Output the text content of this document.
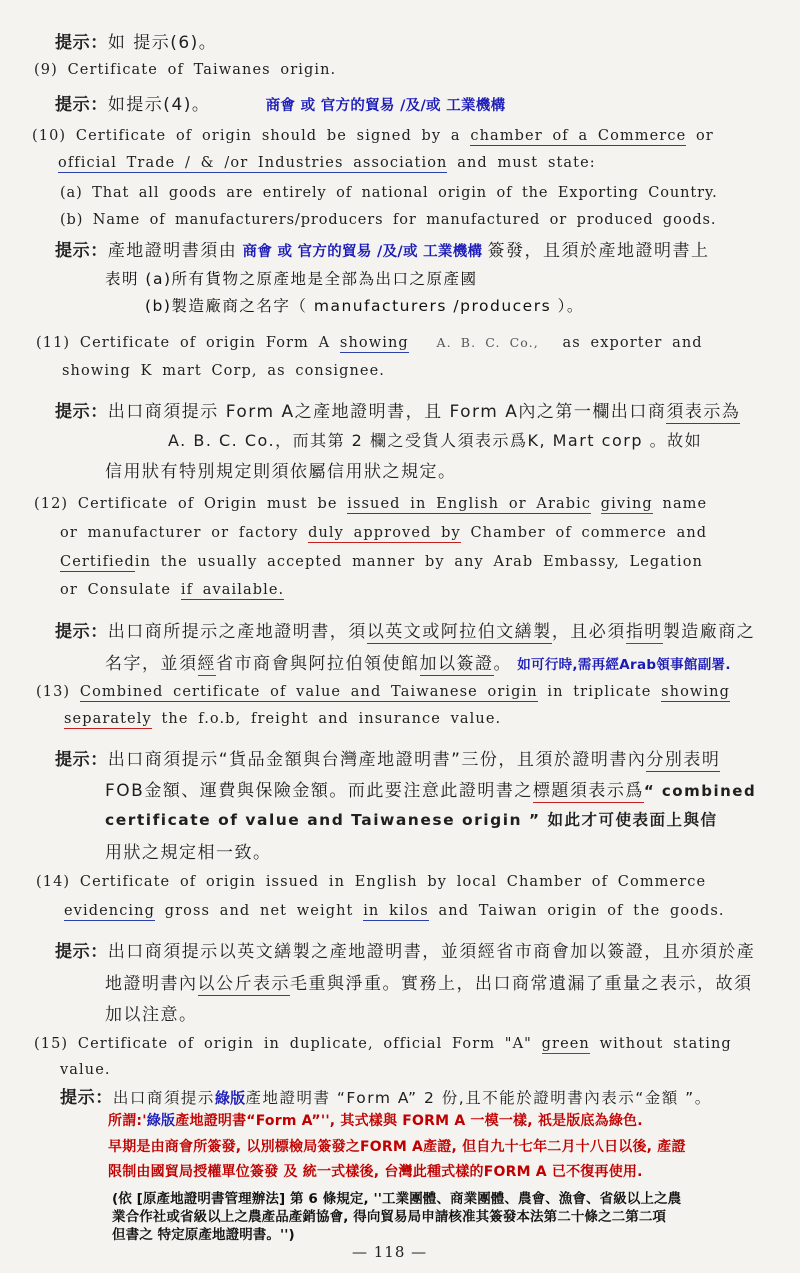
提示：如 提示(6)。
(9) Certificate of Taiwanes origin.
提示：如提示(4)。	商會 或 官方的貿易 /及/或 工業機構
(10) Certificate of origin should be signed by a chamber of a Commerce or
official Trade / & /or Industries association and must state:
(a) That all goods are entirely of national origin of the Exporting Country.
(b) Name of manufacturers/producers for manufactured or produced goods.
提示：產地證明書須由 商會 或 官方的貿易 /及/或 工業機構 簽發，且須於產地證明書上
表明 (a)所有貨物之原產地是全部為出口之原產國
(b)製造廠商之名字（ manufacturers /producers ）。
(11) Certificate of origin Form A showing A. B. C. Co., as exporter and
showing K mart Corp, as consignee.
提示：出口商須提示 Form A之產地證明書，且 Form A內之第一欄出口商須表示為
A. B. C. Co.，而其第 2 欄之受貨人須表示爲K, Mart corp 。故如
信用狀有特別規定則須依屬信用狀之規定。
(12) Certificate of Origin must be issued in English or Arabic giving name
or manufacturer or factory duly approved by Chamber of commerce and
Certifiedin the usually accepted manner by any Arab Embassy, Legation
or Consulate if available.
提示：出口商所提示之產地證明書，須以英文或阿拉伯文繕製，且必須指明製造廠商之
名字，並須經省市商會與阿拉伯領使館加以簽證。 如可行時,需再經Arab領事館副署.
(13) Combined certificate of value and Taiwanese origin in triplicate showing
separately the f.o.b, freight and insurance value.
提示：出口商須提示“貨品金額與台灣產地證明書”三份，且須於證明書內分別表明
FOB金額、運費與保險金額。而此要注意此證明書之標題須表示爲“ combined
certificate of value and Taiwanese origin ” 如此才可使表面上與信
用狀之規定相一致。
(14) Certificate of origin issued in English by local Chamber of Commerce
evidencing gross and net weight in kilos and Taiwan origin of the goods.
提示：出口商須提示以英文繕製之產地證明書，並須經省市商會加以簽證，且亦須於產
地證明書內以公斤表示毛重與淨重。實務上，出口商常遺漏了重量之表示，故須
加以注意。
(15) Certificate of origin in duplicate, official Form "A" green without stating
value.
提示：出口商須提示綠版產地證明書 “Form A” 2 份,且不能於證明書內表示“金額 ”。
所謂:'綠版產地證明書“Form A”'', 其式樣與 FORM A 一模一樣, 祇是版底為綠色.
早期是由商會所簽發, 以別標檢局簽發之FORM A產證, 但自九十七年二月十八日以後, 產證
限制由國貿局授權單位簽發 及 統一式樣後, 台灣此種式樣的FORM A 已不復再使用.
(依 [原產地證明書管理辦法] 第 6 條規定, ''工業團體、商業團體、農會、漁會、省級以上之農
業合作社或省級以上之農產品產銷協會, 得向貿易局申請核准其簽發本法第二十條之二第二項
但書之 特定原產地證明書。'')
— 118 —
